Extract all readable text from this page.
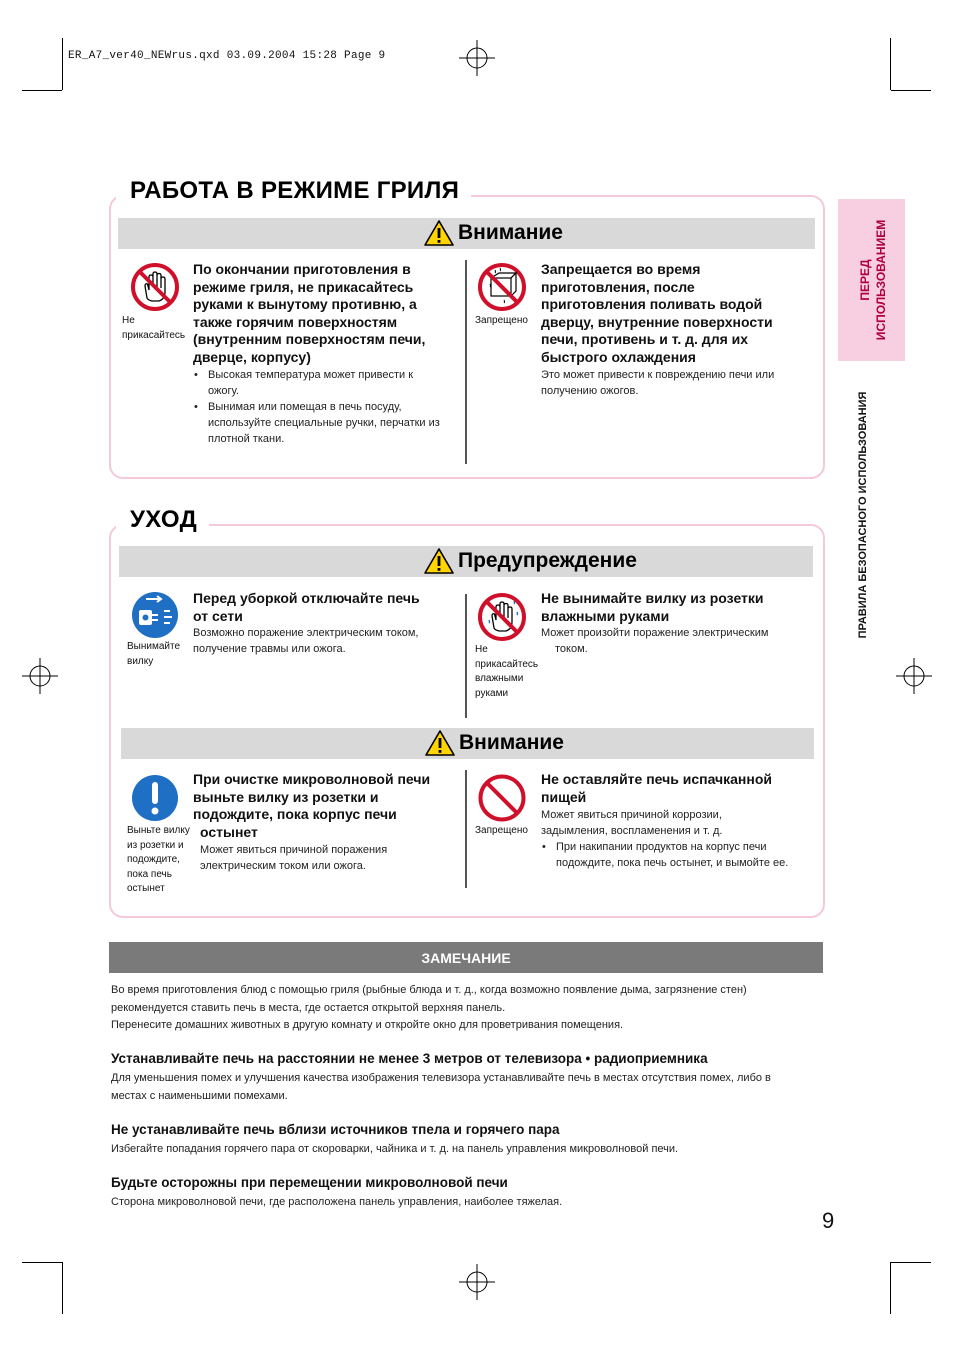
ER_A7_ver40_NEWrus.qxd 03.09.2004 15:28 Page 9
ПЕРЕД ИСПОЛЬЗОВАНИЕМ
ПРАВИЛА БЕЗОПАСНОГО ИСПОЛЬЗОВАНИЯ
РАБОТА В РЕЖИМЕ ГРИЛЯ
Внимание
Не
прикасайтесь
По окончании приготовления в
режиме гриля, не прикасайтесь
руками к вынутому противню, а
также горячим поверхностям
(внутренним поверхностям печи,
дверце, корпусу)
• Высокая температура может привести к
ожогу.
• Вынимая или помещая в печь посуду,
используйте специальные ручки, перчатки из
плотной ткани.
Запрещено
Запрещается во время
приготовления, после
приготовления поливать водой
дверцу, внутренние поверхности
печи, противень и т. д. для их
быстрого охлаждения
Это может привести к повреждению печи или
получению ожогов.
УХОД
Предупреждение
Вынимайте
вилку
Перед уборкой отключайте печь
от сети
Возможно поражение электрическим током,
получение травмы или ожога.	Не
прикасайтесь
влажными
руками
Не вынимайте вилку из розетки
влажными руками
Может произойти поражение электрическим
током.
Внимание
Выньте вилку
из розетки и
подождите,
пока печь
остынет
При очистке микроволновой печи
выньте вилку из розетки и
подождите, пока корпус печи
остынет
Может явиться причиной поражения
электрическим током или ожога.
Запрещено
Не оставляйте печь испачканной
пищей
Может явиться причиной коррозии,
задымления, воспламенения и т. д.
• При накипании продуктов на корпус печи
подождите, пока печь остынет, и вымойте ее.
ЗАМЕЧАНИЕ
Во время приготовления блюд с помощью гриля (рыбные блюда и т. д., когда возможно появление дыма, загрязнение стен)
рекомендуется ставить печь в места, где остается открытой верхняя панель.
Перенесите домашних животных в другую комнату и откройте окно для проветривания помещения.
Устанавливайте печь на расстоянии не менее 3 метров от телевизора • радиоприемника
Для уменьшения помех и улучшения качества изображения телевизора устанавливайте печь в местах отсутствия помех, либо в
местах с наименьшими помехами.
Не устанавливайте печь вблизи источников тпела и горячего пара
Избегайте попадания горячего пара от скороварки, чайника и т. д. на панель управления микроволновой печи.
Будьте осторожны при перемещении микроволновой печи
Сторона микроволновой печи, где расположена панель управления, наиболее тяжелая.
9
